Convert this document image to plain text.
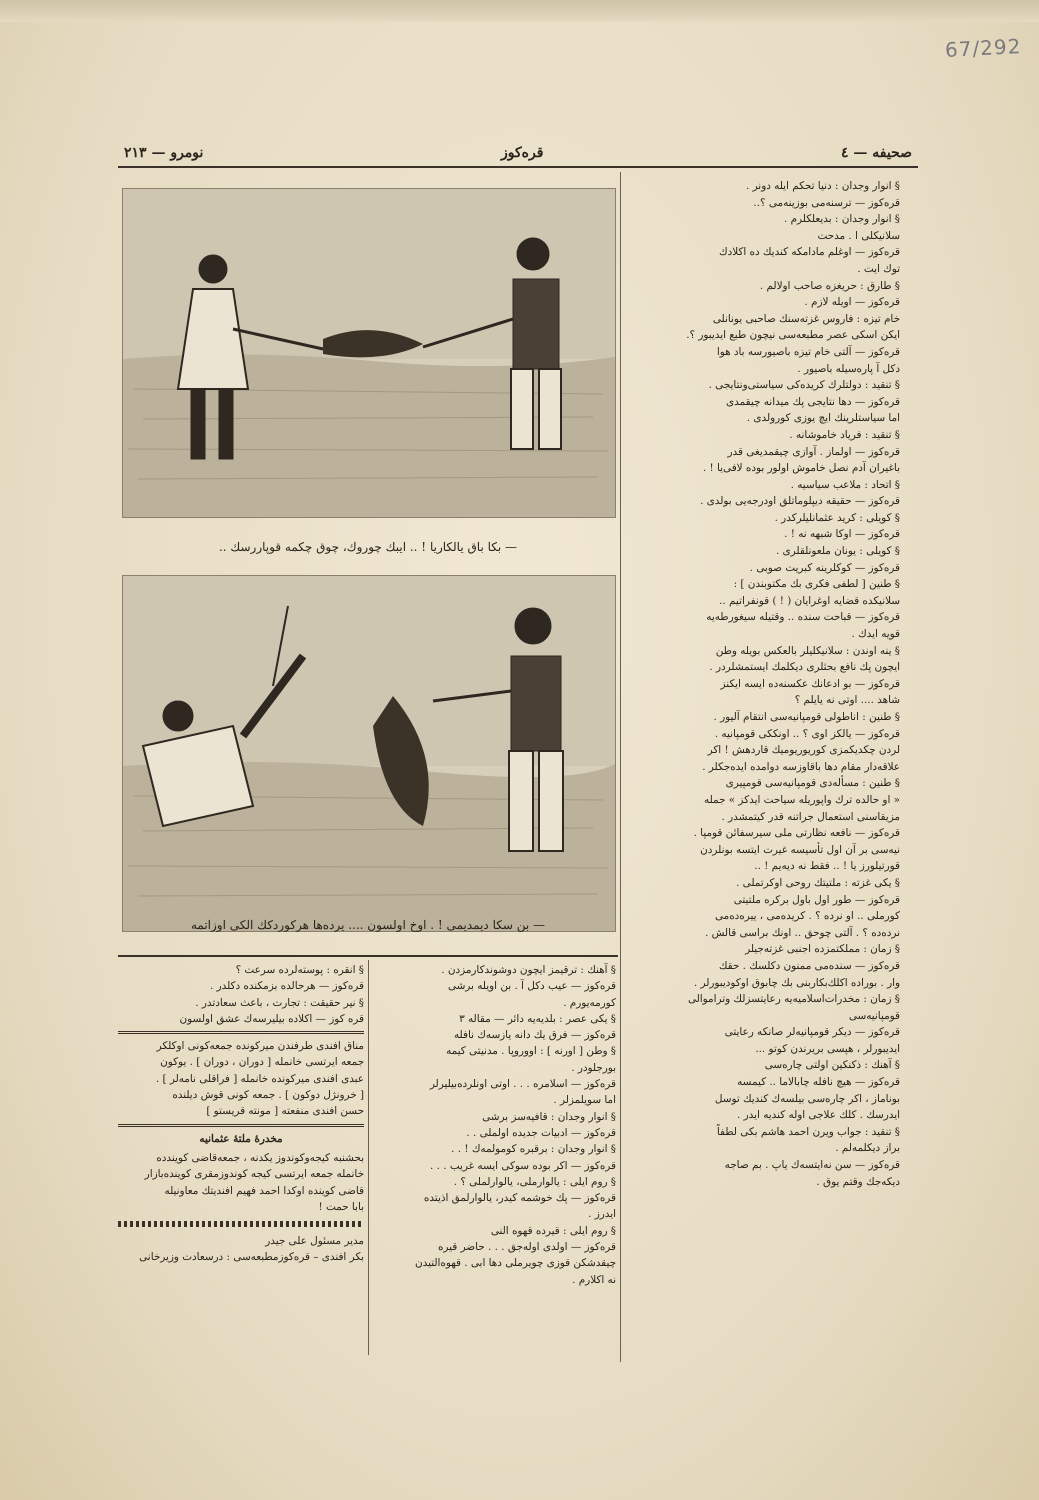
67/292
صحيفه — ٤
قره‌كوز
نومرو — ٢١٣
— بكا باق يالكاريا ! .. ايبك چوروك، چوق چكمه قوپاررسك ..
— بن سكا ديمديمى ! . اوخ اولسون .... يرده‌ها هركوردكك الكى اوزاتمه

§ انوار وجدان : دنيا تحكم ايله دونر .

قره‌كوز — ترسنه‌مى بوزينه‌مى ؟..

§ انوار وجدان : بديعلكلرم .

سلانيكلى ا . مدحت

قره‌كوز — اوغلم مادامكه كنديك ده اكلادك

توك ايت .

§ طارق : حريغزه صاحب اولالم .

قره‌كوز — اويله لازم .

خام تيزه : فاروس غزته‌سنك صاحبى يونانلى

ايكن اسكى عصر مطبعه‌سى نيچون طبع ايديبور ؟.

قره‌كوز — آلتى خام تيزه باصيورسه باد هوا

دكل آ پاره‌سيله باصيور .

§ تنقيد : دولتلرك كريده‌كى سياستى‌ونتايجى .

قره‌كوز — دها نتايجى پك ميدانه چيقمدى

اما سياستلرينك ايچ يوزى كورولدى .

§ تنقيد : فرياد خاموشانه .

قره‌كوز — اولماز . آوازى چيقمديغى قدر

باغيران آدم نصل خاموش اولور بوده لافى‌يا ! .

§ اتحاد : ملاعب سياسيه .

قره‌كوز — حقيقه ديپلوماتلق اودرجه‌يى بولدى .

§ كويلى : كريد عثمانليلركدر .

قره‌كوز — اوكا شبهه نه ! .

§ كويلى : يونان ملعونلقلرى .

قره‌كوز — كوكلرينه كبريت صوبى .

§ طنين [ لطفى فكرى بك مكتوبندن ] :

سلانيكده قضايه اوغرايان ( ! ) قونفراتيم ..

قره‌كوز — قباحت سنده .. وقتيله سيغورطه‌يه

قويه ايدك .

§ ينه اوندن : سلانيكليلر بالعكس بويله وطن

ايچون پك نافع بحثلرى ديكلمك ايستمشلردر .

قره‌كوز — بو ادعانك عكسنه‌ده ايسه ايكنز

شاهد .... اوتى نه يايلم ؟

§ طنين : اناطولى قومپانيه‌سى انتقام آليور .

قره‌كوز — يالكز اوى ؟ .. اونككى قومپانيه .

لردن چكديكمزى كوريوريوميك قاردهش ! اكر

علاقه‌دار مقام دها باقاوزسه دوامده ايده‌جكلر .

§ طنين : مسأله‌دى قومپانيه‌سى قومپيرى

« او حالده ترك واپوريله سياحت ايدكز » جمله‌

مزيقاسنى استعمال جراتنه قدر كيتمشدر .

قره‌كوز — نافعه نظارتى ملى سيرسفائن قومپا .

نيه‌سى بر آن اول تأسيسه غيرت ايتسه بونلردن

قورتيلورز يا ! .. فقط نه ديه‌يم ! ..

§ يكى غزته : ملتيتك روحى اوكرتملى .

قره‌كوز — طور اول باول بركره ملتيتى

كورملى .. او نرده ؟ . كريده‌مى ، ييره‌ده‌مى

نرده‌ده ؟ . آلتى چوحق .. اونك براسى قالش .

§ زمان : مملكتمزده اجنبى غزته‌جيلر

قره‌كوز — سنده‌مى ممنون دكلسك . حقك

وار . بوراده اكلك‌بكاربنى بك چابوق اوكوديبورلر .

§ زمان : مخدرات‌اسلاميه‌يه رعايتسزلك وتراموالى

قومپانيه‌سى

قره‌كوز — ديكر قومپانيه‌لر صانكه رعايتى

ايديبورلر ، هپسى بريرندن كوتو ...

§ آهنك : ذكنكين اولتى چاره‌سى

قره‌كوز — هيچ نافله چابالاما .. كيمسه

بوناماز ، اكر چاره‌سى بيلسه‌ك كنديك توسل

ايدرسك . كلك علاجى اوله كنديه ايدر .

§ تنقيد : جواب ويرن احمد هاشم بكى لطفاً

براز ديكلمه‌لم .

قره‌كوز — سن نه‌ايتسه‌ك ياپ . بم صاجه

ديكه‌جك وقتم يوق .

§ آهنك : ترقيمز ايچون دوشوندكارمزدن .

قره‌كوز — عيب دكل آ . بن اويله برشى

كورمه‌يورم .

§ يكى عصر : بلديه‌يه دائر — مقاله ٣

قره‌كوز — فرق يك دانه يازسه‌ك نافله

§ وطن [ اورنه ] : اووروپا . مدنيتى كيمه

بورجلودر .

قره‌كوز — اسلامره . . . اوتى اونلرده‌بيليرلر

اما سويلمزلر .

§ انوار وجدان : قافيه‌سز برشى

قره‌كوز — ادبيات جديده اولملى . .

§ انوار وجدان : برقبره كومولمه‌ك ! . .

قره‌كوز — اكر بوده سوكى ايسه غريب . . .

§ روم ايلى : يالوارملى، يالوارلملى ؟ .

قره‌كوز — پك خوشمه كيدر، يالوارلمق اذيتده

ايدرز .

§ روم ايلى : قيرده قهوه النى

قره‌كوز — اولدى اوله‌جق . . . حاضر قيره

چيقدشكن قوزى چويرملى دها ابى . قهوه‌التيدن

نه اكلارم .

§ انقره : پوسته‌لرده سرعت ؟

قره‌كوز — هرحالده بزمكنده دكلدر .

§ نير حقيقت : تجارت ، باعث سعادتدر .

قره كوز — اكلاده بيليرسه‌ك عشق اولسون

مناق افندى طرفندن ميركونده جمعه‌كونى اوكلكر

جمعه ايرتسى خانمله [ دوران ، دوران ] . يوكون

عبدى افندى ميركونده خانمله [ فراقلى نامه‌لر ] .

[ خرونژل دوكون ] . جمعه كونى قوش ديلنده

حسن افندى منفعته [ مونته قريستو ]

مخدرهٔ ملتهٔ عثمانيه

بحشنبه كيجه‌وكوندوز يكدنه ، جمعه‌قاضى كويندده

خانمله جمعه ايرتسى كيجه كوندوزمقرى كوينده‌بازار

قاضى كوينده اوكدا احمد فهيم افنديتك معاونيله

بابا حمت !

مدير مسئول على جيدر

بكر افندى – قره‌كوزمطبعه‌سى : درسعادت وزيرخانى
